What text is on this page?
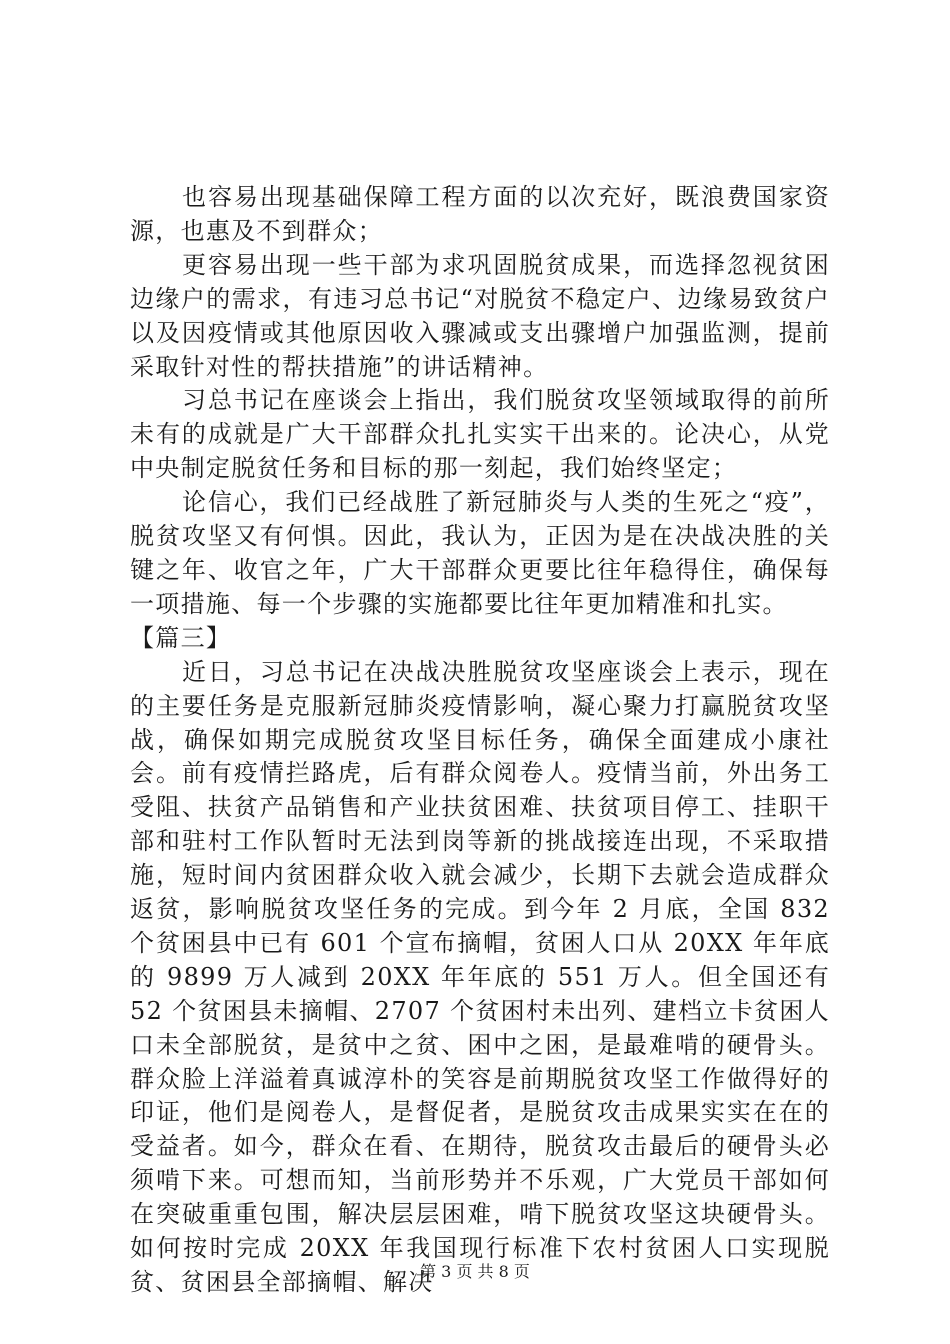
也容易出现基础保障工程方面的以次充好，既浪费国家资源，也惠及不到群众；

更容易出现一些干部为求巩固脱贫成果，而选择忽视贫困边缘户的需求，有违习总书记“对脱贫不稳定户、边缘易致贫户以及因疫情或其他原因收入骤减或支出骤增户加强监测，提前采取针对性的帮扶措施”的讲话精神。

习总书记在座谈会上指出，我们脱贫攻坚领域取得的前所未有的成就是广大干部群众扎扎实实干出来的。论决心，从党中央制定脱贫任务和目标的那一刻起，我们始终坚定；

论信心，我们已经战胜了新冠肺炎与人类的生死之“疫”，脱贫攻坚又有何惧。因此，我认为，正因为是在决战决胜的关键之年、收官之年，广大干部群众更要比往年稳得住，确保每一项措施、每一个步骤的实施都要比往年更加精准和扎实。

【篇三】

近日，习总书记在决战决胜脱贫攻坚座谈会上表示，现在的主要任务是克服新冠肺炎疫情影响，凝心聚力打赢脱贫攻坚战，确保如期完成脱贫攻坚目标任务，确保全面建成小康社会。前有疫情拦路虎，后有群众阅卷人。疫情当前，外出务工受阻、扶贫产品销售和产业扶贫困难、扶贫项目停工、挂职干部和驻村工作队暂时无法到岗等新的挑战接连出现，不采取措施，短时间内贫困群众收入就会减少，长期下去就会造成群众返贫，影响脱贫攻坚任务的完成。到今年 2 月底，全国 832 个贫困县中已有 601 个宣布摘帽，贫困人口从 20XX 年年底的 9899 万人减到 20XX 年年底的 551 万人。但全国还有 52 个贫困县未摘帽、2707 个贫困村未出列、建档立卡贫困人口未全部脱贫，是贫中之贫、困中之困，是最难啃的硬骨头。群众脸上洋溢着真诚淳朴的笑容是前期脱贫攻坚工作做得好的印证，他们是阅卷人，是督促者，是脱贫攻击成果实实在在的受益者。如今，群众在看、在期待，脱贫攻击最后的硬骨头必须啃下来。可想而知，当前形势并不乐观，广大党员干部如何在突破重重包围，解决层层困难，啃下脱贫攻坚这块硬骨头。如何按时完成 20XX 年我国现行标准下农村贫困人口实现脱贫、贫困县全部摘帽、解决

第 3 页 共 8 页
